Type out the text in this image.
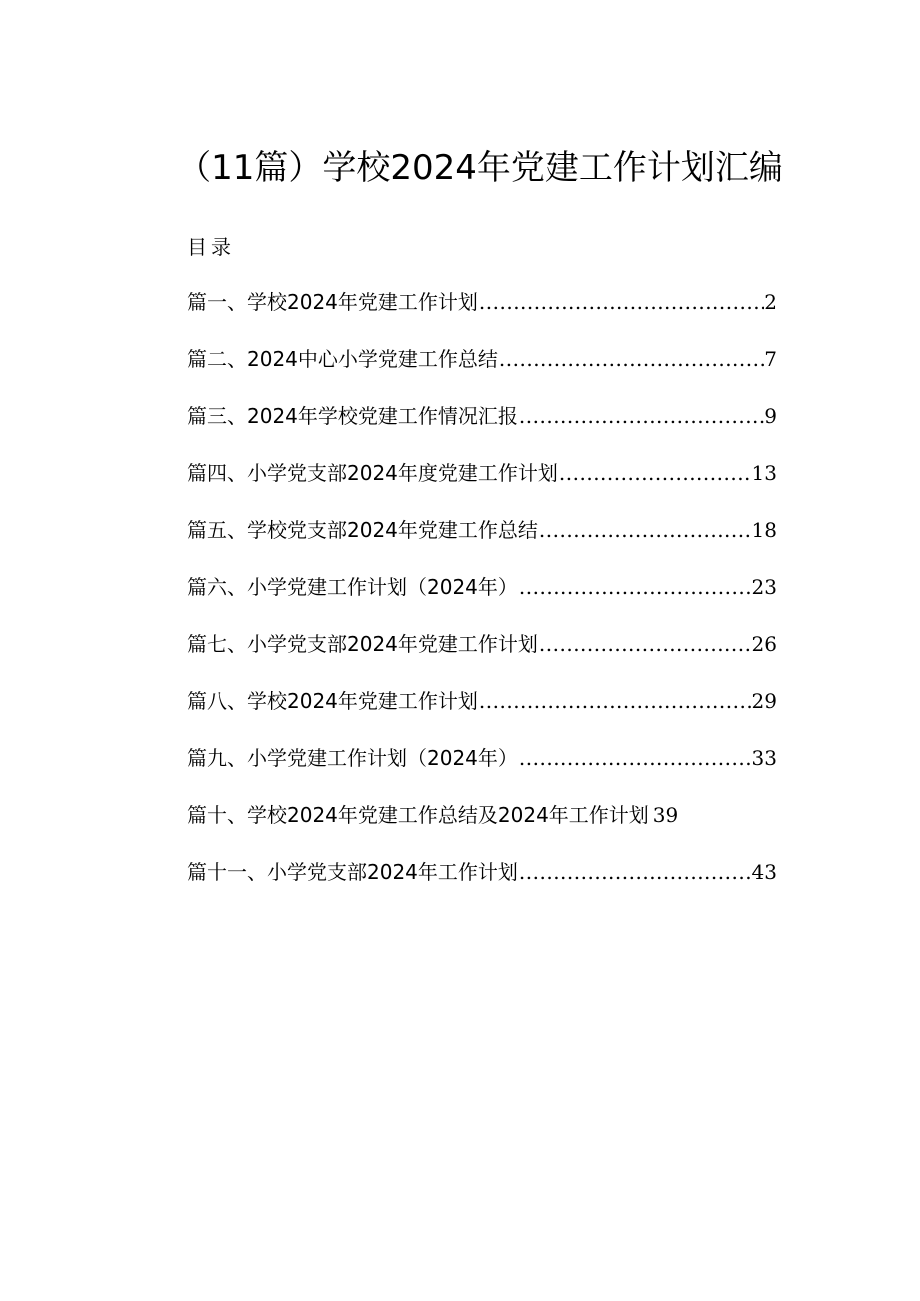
（11篇）学校2024年党建工作计划汇编
目录
篇一、学校2024年党建工作计划 .....	2
篇二、2024中心小学党建工作总结 .....	7
篇三、2024年学校党建工作情况汇报 .....	9
篇四、小学党支部2024年度党建工作计划 .....	13
篇五、学校党支部2024年党建工作总结 .....	18
篇六、小学党建工作计划（2024年） .....	23
篇七、小学党支部2024年党建工作计划 .....	26
篇八、学校2024年党建工作计划 .....	29
篇九、小学党建工作计划（2024年） .....	33
篇十、学校2024年党建工作总结及2024年工作计划 39
篇十一、小学党支部2024年工作计划 .....	43
